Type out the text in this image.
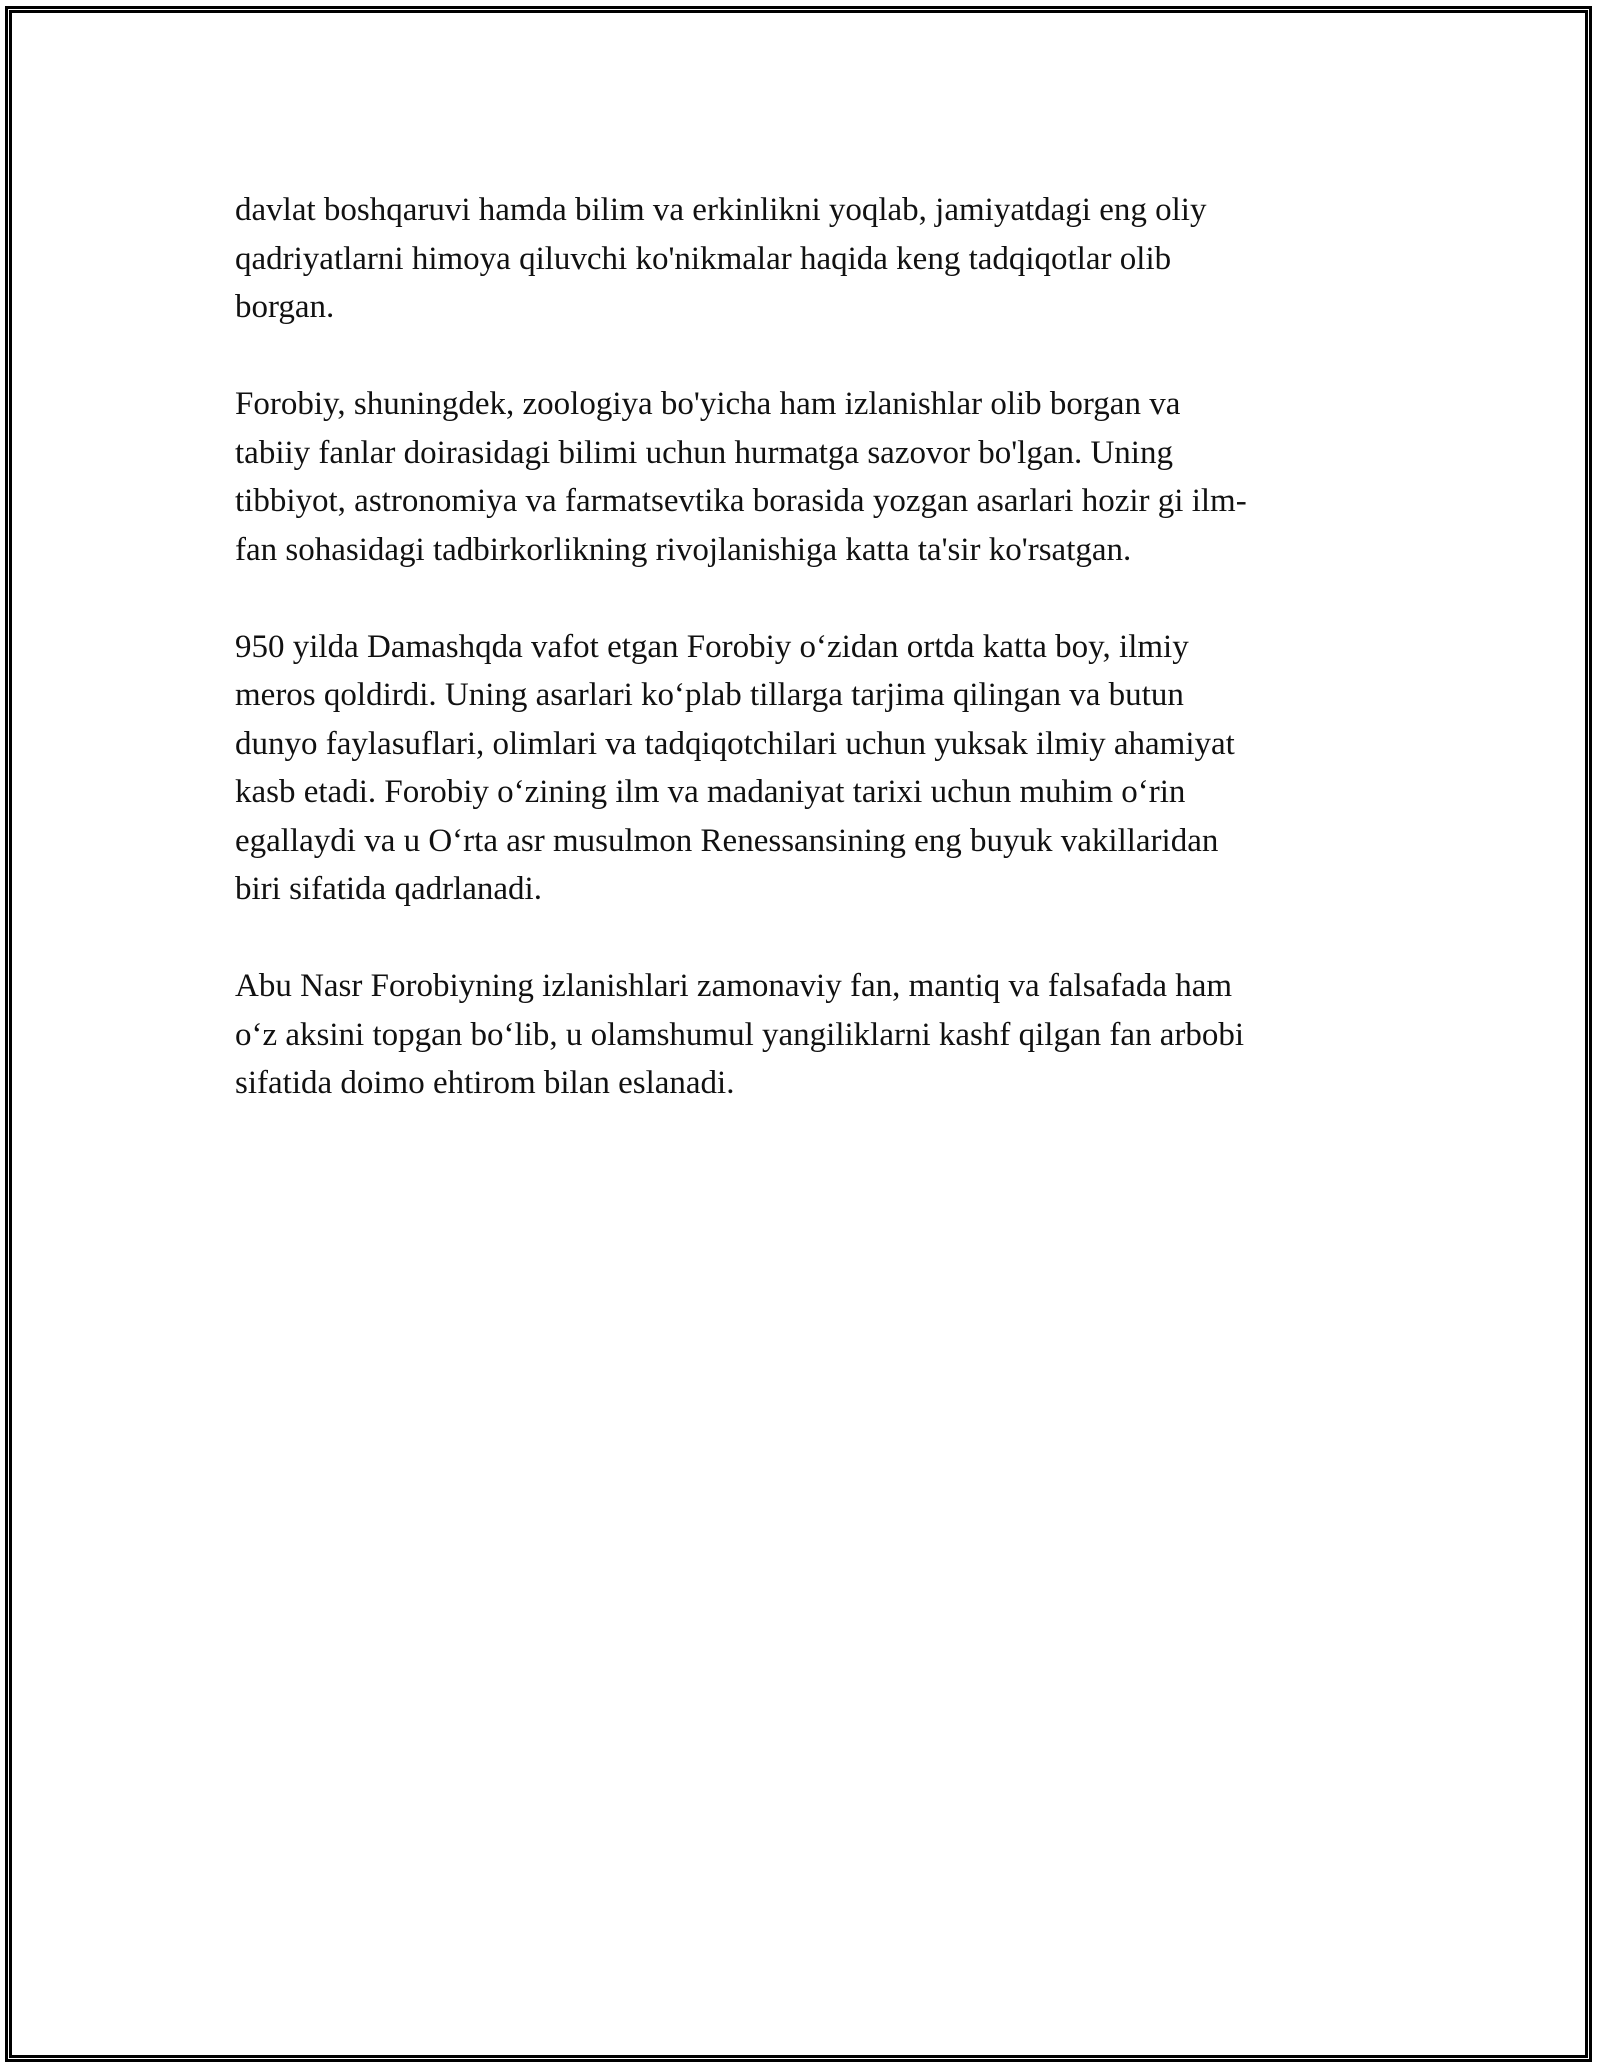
davlat boshqaruvi hamda bilim va erkinlikni yoqlab, jamiyatdagi eng oliy
qadriyatlarni himoya qiluvchi ko'nikmalar haqida keng tadqiqotlar olib
borgan.

Forobiy, shuningdek, zoologiya bo'yicha ham izlanishlar olib borgan va
tabiiy fanlar doirasidagi bilimi uchun hurmatga sazovor bo'lgan. Uning
tibbiyot, astronomiya va farmatsevtika borasida yozgan asarlari hozir gi ilm-
fan sohasidagi tadbirkorlikning rivojlanishiga katta ta'sir ko'rsatgan.

950 yilda Damashqda vafot etgan Forobiy o‘zidan ortda katta boy, ilmiy
meros qoldirdi. Uning asarlari ko‘plab tillarga tarjima qilingan va butun
dunyo faylasuflari, olimlari va tadqiqotchilari uchun yuksak ilmiy ahamiyat
kasb etadi. Forobiy o‘zining ilm va madaniyat tarixi uchun muhim o‘rin
egallaydi va u O‘rta asr musulmon Renessansining eng buyuk vakillaridan
biri sifatida qadrlanadi.

Abu Nasr Forobiyning izlanishlari zamonaviy fan, mantiq va falsafada ham
o‘z aksini topgan bo‘lib, u olamshumul yangiliklarni kashf qilgan fan arbobi
sifatida doimo ehtirom bilan eslanadi.
